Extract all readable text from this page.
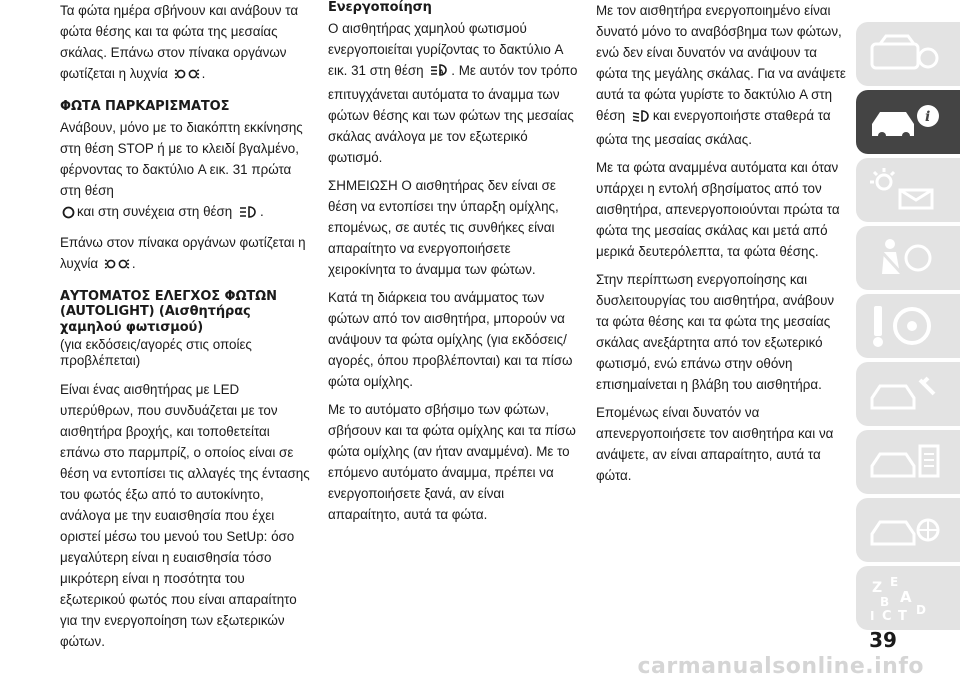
Τα φώτα ημέρα σβήνουν και ανάβουν τα φώτα θέσης και τα φώτα της μεσαίας σκάλας. Επάνω στον πίνακα οργάνων φωτίζεται η λυχνία	.

ΦΩΤΑ ΠΑΡΚΑΡΙΣΜΑΤΟΣ

Ανάβουν, μόνο με το διακόπτη εκκίνησης στη θέση STOP ή με το κλειδί βγαλμένο, φέρνοντας το δακτύλιο A εικ. 31 πρώτα στη θέση
και στη συνέχεια στη θέση .

Επάνω στον πίνακα οργάνων φωτίζεται η λυχνία	.

ΑΥΤΟΜΑΤΟΣ ΕΛΕΓΧΟΣ ΦΩΤΩΝ (AUTOLIGHT) (Αισθητήρας χαμηλού φωτισμού)

(για εκδόσεις/αγορές στις οποίες προβλέπεται)

Είναι ένας αισθητήρας με LED υπερύθρων, που συνδυάζεται με τον αισθητήρα βροχής, και τοποθετείται επάνω στο παρμπρίζ, ο οποίος είναι σε θέση να εντοπίσει τις αλλαγές της έντασης του φωτός έξω από το αυτοκίνητο, ανάλογα με την ευαισθησία που έχει οριστεί μέσω του μενού του SetUp: όσο μεγαλύτερη είναι η ευαισθησία τόσο μικρότερη είναι η ποσότητα του εξωτερικού φωτός που είναι απαραίτητο για την ενεργοποίηση των εξωτερικών φώτων.

Ενεργοποίηση

Ο αισθητήρας χαμηλού φωτισμού ενεργοποιείται γυρίζοντας το δακτύλιο A εικ. 31 στη θέση	A . Με αυτόν τον τρόπο επιτυγχάνεται αυτόματα το άναμμα των φώτων θέσης και των φώτων της μεσαίας σκάλας ανάλογα με τον εξωτερικό φωτισμό.

ΣΗΜΕΙΩΣΗ Ο αισθητήρας δεν είναι σε θέση να εντοπίσει την ύπαρξη ομίχλης, επομένως, σε αυτές τις συνθήκες είναι απαραίτητο να ενεργοποιήσετε χειροκίνητα το άναμμα των φώτων.

Κατά τη διάρκεια του ανάμματος των φώτων από τον αισθητήρα, μπορούν να ανάψουν τα φώτα ομίχλης (για εκδόσεις/αγορές, όπου προβλέπονται) και τα πίσω φώτα ομίχλης.

Με το αυτόματο σβήσιμο των φώτων, σβήσουν και τα φώτα ομίχλης και τα πίσω φώτα ομίχλης (αν ήταν αναμμένα). Με το επόμενο αυτόματο άναμμα, πρέπει να ενεργοποιήσετε ξανά, αν είναι απαραίτητο, αυτά τα φώτα.

Με τον αισθητήρα ενεργοποιημένο είναι δυνατό μόνο το αναβόσβημα των φώτων, ενώ δεν είναι δυνατόν να ανάψουν τα φώτα της μεγάλης σκάλας. Για να ανάψετε αυτά τα φώτα γυρίστε το δακτύλιο A στη θέση και ενεργοποιήστε σταθερά τα φώτα της μεσαίας σκάλας.

Με τα φώτα αναμμένα αυτόματα και όταν υπάρχει η εντολή σβησίματος από τον αισθητήρα, απενεργοποιούνται πρώτα τα φώτα της μεσαίας σκάλας και μετά από μερικά δευτερόλεπτα, τα φώτα θέσης.

Στην περίπτωση ενεργοποίησης και δυσλειτουργίας του αισθητήρα, ανάβουν τα φώτα θέσης και τα φώτα της μεσαίας σκάλας ανεξάρτητα από τον εξωτερικό φωτισμό, ενώ επάνω στην οθόνη επισημαίνεται η βλάβη του αισθητήρα.

Επομένως είναι δυνατόν να απενεργοποιήσετε τον αισθητήρα και να ανάψετε, αν είναι απαραίτητο, αυτά τα φώτα.

i
Z E
B A
I C T D
39
carmanualsonline.info
